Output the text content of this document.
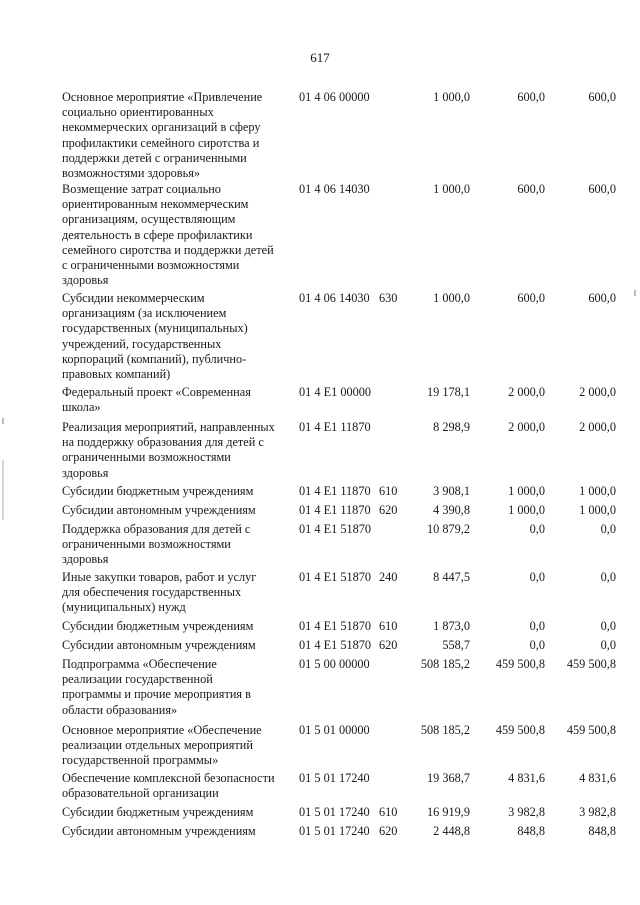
617
Основное мероприятие «Привлечение
социально ориентированных
некоммерческих организаций в сферу
профилактики семейного сиротства и
поддержки детей с ограниченными
возможностями здоровья»
01 4 06 00000	1 000,0	600,0	600,0
Возмещение затрат социально
ориентированным некоммерческим
организациям, осуществляющим
деятельность в сфере профилактики
семейного сиротства и поддержки детей
с ограниченными возможностями
здоровья
01 4 06 14030	1 000,0	600,0	600,0
Субсидии некоммерческим
организациям (за исключением
государственных (муниципальных)
учреждений, государственных
корпораций (компаний), публично-
правовых компаний)
01 4 06 14030 630	1 000,0	600,0	600,0
Федеральный проект «Современная
школа»
01 4 E1 00000	19 178,1	2 000,0	2 000,0
Реализация мероприятий, направленных
на поддержку образования для детей с
ограниченными возможностями
здоровья
01 4 E1 11870	8 298,9	2 000,0	2 000,0
Субсидии бюджетным учреждениям	01 4 E1 11870 610	3 908,1	1 000,0	1 000,0
Субсидии автономным учреждениям	01 4 E1 11870 620	4 390,8	1 000,0	1 000,0
Поддержка образования для детей с
ограниченными возможностями
здоровья
01 4 E1 51870	10 879,2	0,0	0,0
Иные закупки товаров, работ и услуг
для обеспечения государственных
(муниципальных) нужд
01 4 E1 51870 240	8 447,5	0,0	0,0
Субсидии бюджетным учреждениям	01 4 E1 51870 610	1 873,0	0,0	0,0
Субсидии автономным учреждениям	01 4 E1 51870 620	558,7	0,0	0,0
Подпрограмма «Обеспечение
реализации государственной
программы и прочие мероприятия в
области образования»
01 5 00 00000	508 185,2	459 500,8	459 500,8
Основное мероприятие «Обеспечение
реализации отдельных мероприятий
государственной программы»
01 5 01 00000	508 185,2	459 500,8	459 500,8
Обеспечение комплексной безопасности
образовательной организации
01 5 01 17240	19 368,7	4 831,6	4 831,6
Субсидии бюджетным учреждениям	01 5 01 17240 610	16 919,9	3 982,8	3 982,8
Субсидии автономным учреждениям	01 5 01 17240 620	2 448,8	848,8	848,8
